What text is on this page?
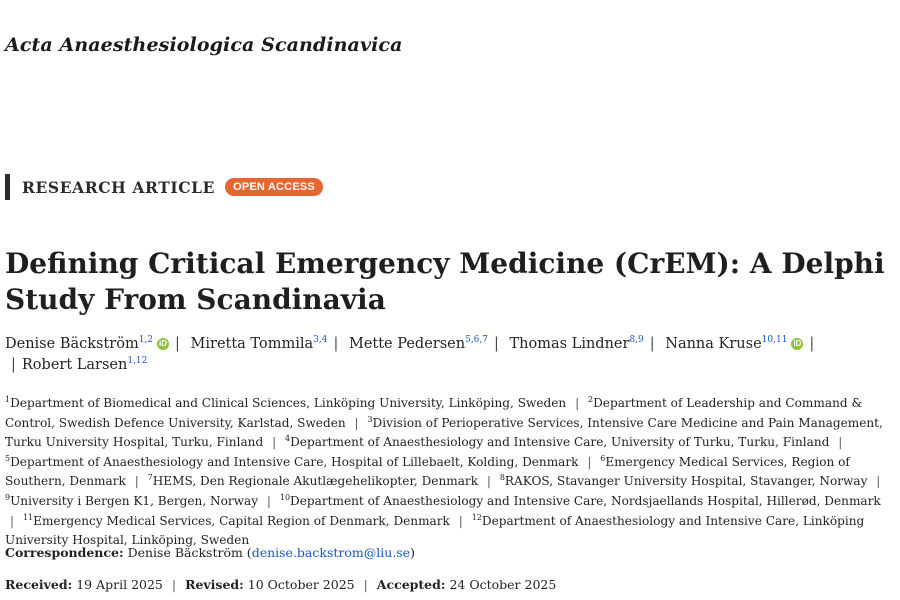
Acta Anaesthesiologica Scandinavica
RESEARCH ARTICLE	OPEN ACCESS
Defining Critical Emergency Medicine (CrEM): A Delphi Study From Scandinavia
Denise Bäckström$^{1,2}$ iD | Miretta Tommila$^{3,4}$ | Mette Pedersen$^{5,6,7}$ | Thomas Lindner$^{8,9}$ | Nanna Kruse$^{10,11}$ iD | | Robert Larsen$^{1,12}$
$^1$Department of Biomedical and Clinical Sciences, Linköping University, Linköping, Sweden | $^2$Department of Leadership and Command & Control, Swedish Defence University, Karlstad, Sweden | $^3$Division of Perioperative Services, Intensive Care Medicine and Pain Management, Turku University Hospital, Turku, Finland | $^4$Department of Anaesthesiology and Intensive Care, University of Turku, Turku, Finland | $^5$Department of Anaesthesiology and Intensive Care, Hospital of Lillebaelt, Kolding, Denmark | $^6$Emergency Medical Services, Region of Southern, Denmark | $^7$HEMS, Den Regionale Akutlægehelikopter, Denmark | $^8$RAKOS, Stavanger University Hospital, Stavanger, Norway | $^9$University i Bergen K1, Bergen, Norway | $^{10}$Department of Anaesthesiology and Intensive Care, Nordsjaellands Hospital, Hillerød, Denmark | $^{11}$Emergency Medical Services, Capital Region of Denmark, Denmark | $^{12}$Department of Anaesthesiology and Intensive Care, Linköping University Hospital, Linköping, Sweden
Correspondence: Denise Bäckström (denise.backstrom@liu.se)
Received: 19 April 2025 | Revised: 10 October 2025 | Accepted: 24 October 2025
